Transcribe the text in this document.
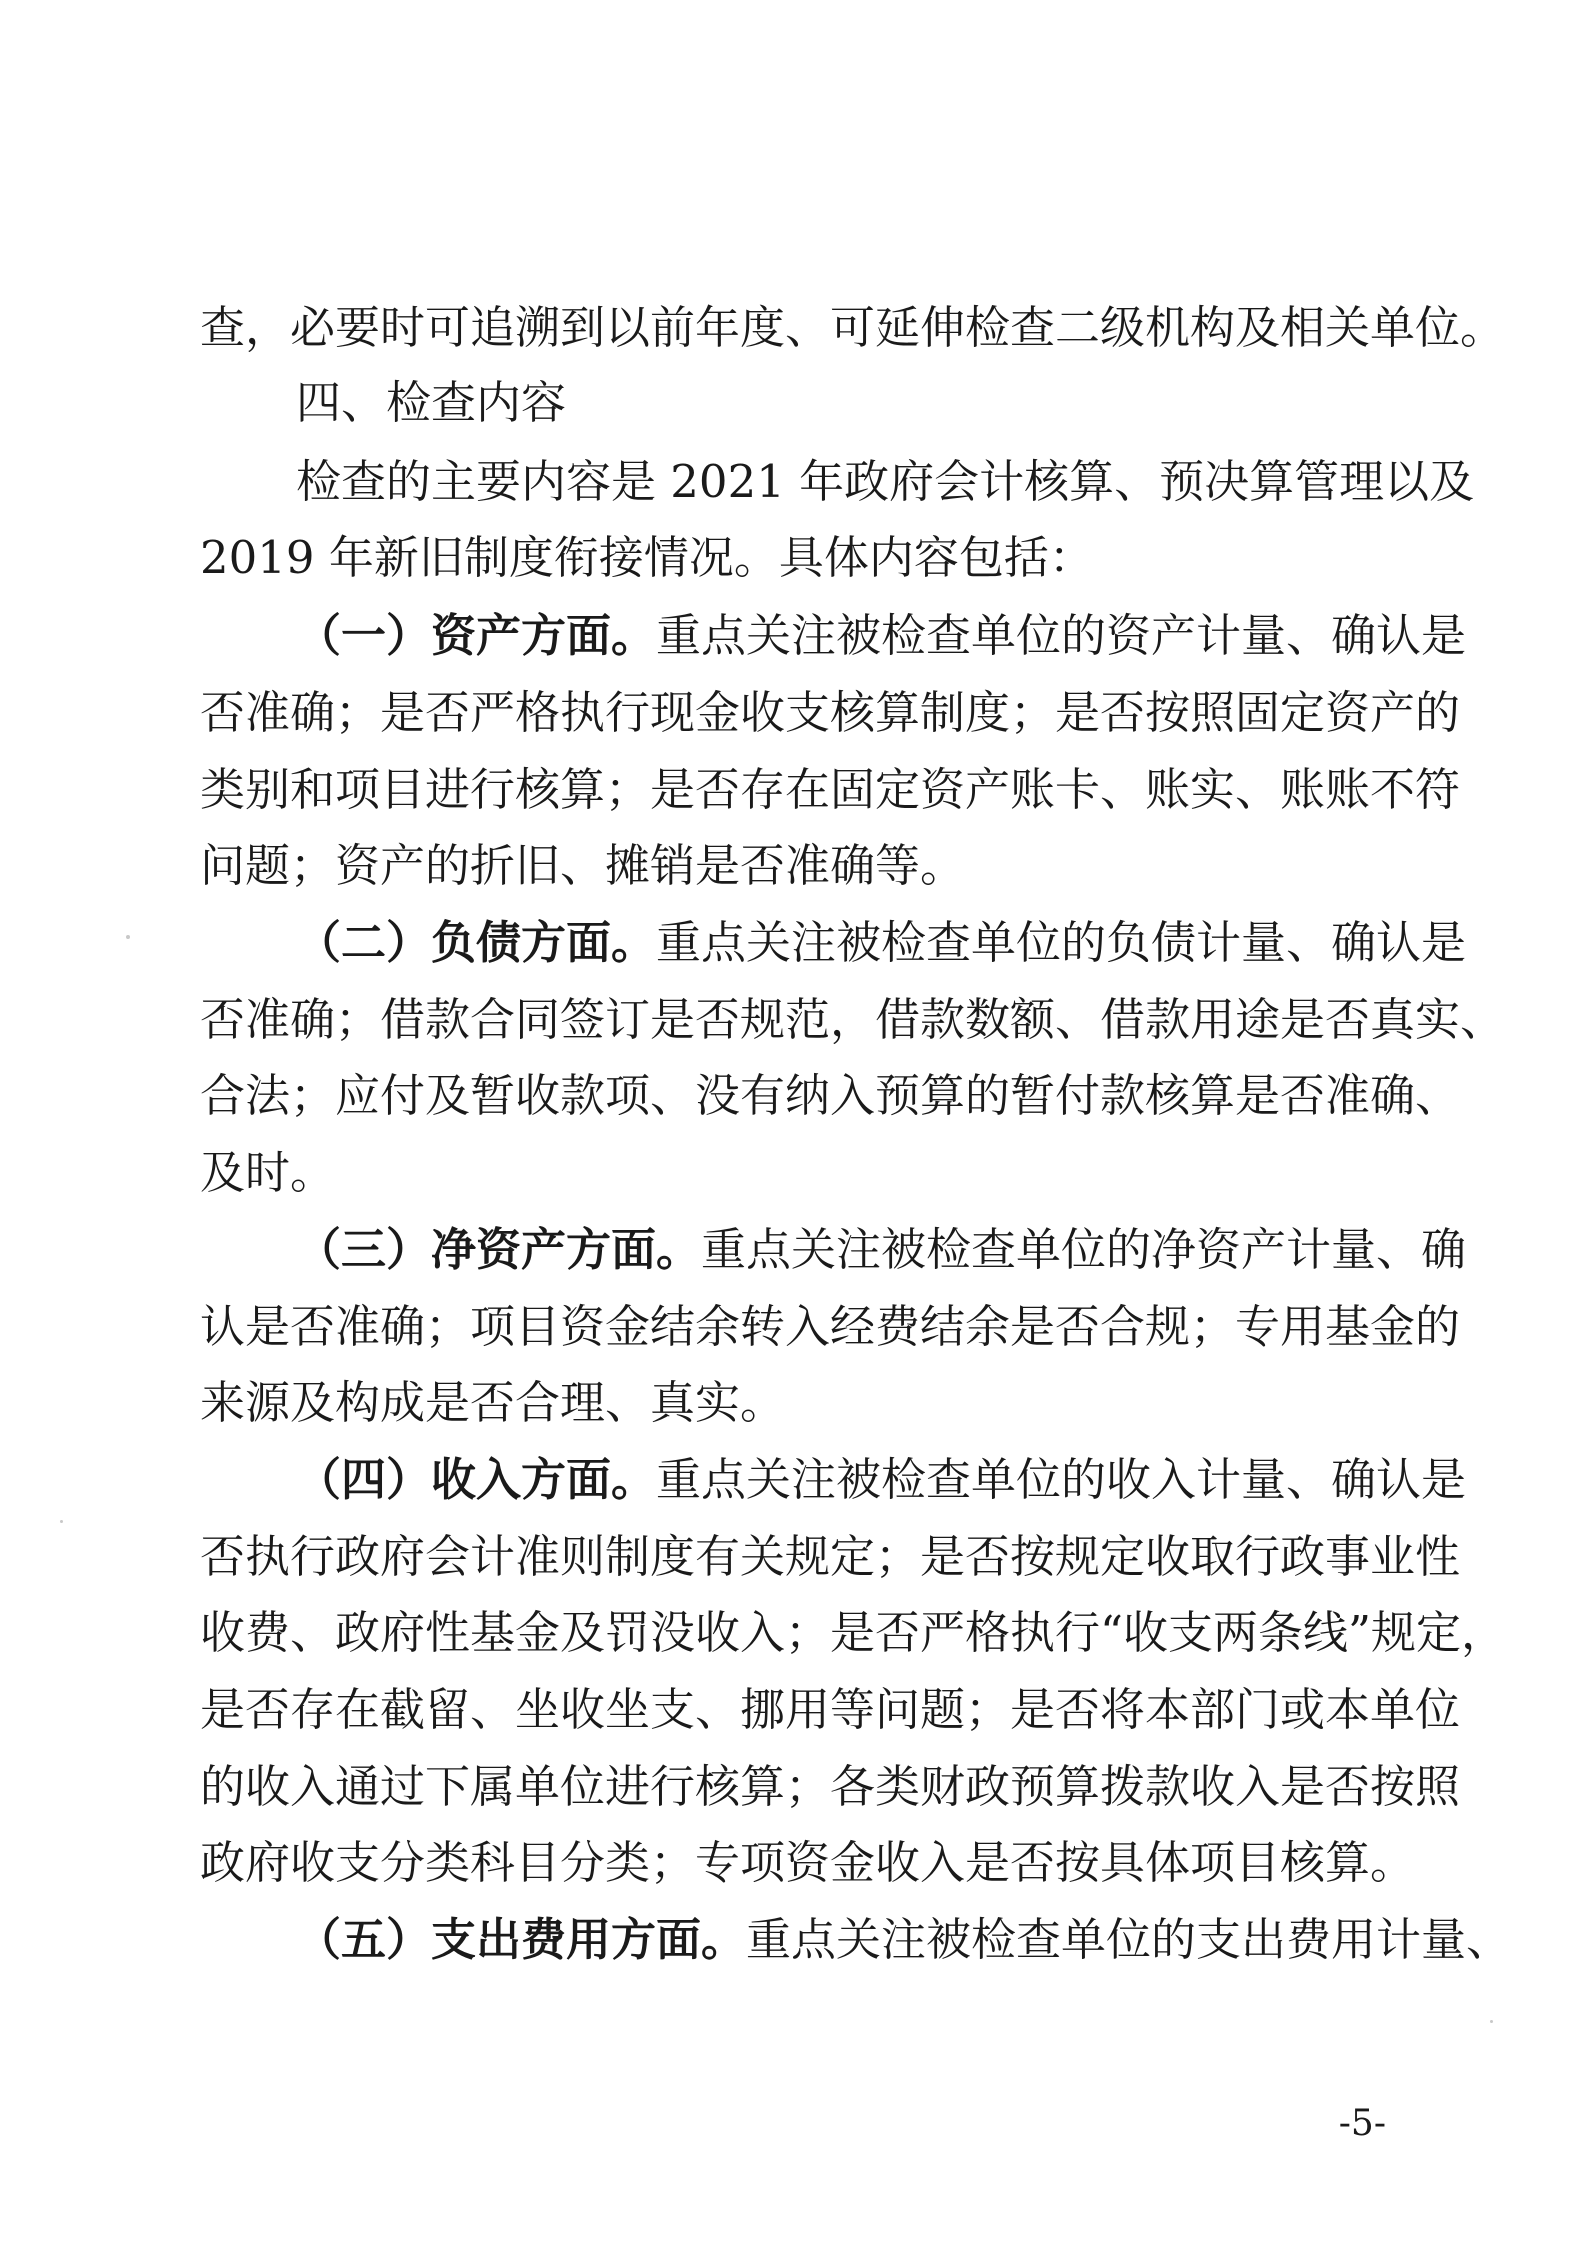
查，必要时可追溯到以前年度、可延伸检查二级机构及相关单位。
四、检查内容
检查的主要内容是 2021 年政府会计核算、预决算管理以及
2019 年新旧制度衔接情况。具体内容包括：
（一）资产方面。重点关注被检查单位的资产计量、确认是
否准确；是否严格执行现金收支核算制度；是否按照固定资产的
类别和项目进行核算；是否存在固定资产账卡、账实、账账不符
问题；资产的折旧、摊销是否准确等。
（二）负债方面。重点关注被检查单位的负债计量、确认是
否准确；借款合同签订是否规范，借款数额、借款用途是否真实、
合法；应付及暂收款项、没有纳入预算的暂付款核算是否准确、
及时。
（三）净资产方面。重点关注被检查单位的净资产计量、确
认是否准确；项目资金结余转入经费结余是否合规；专用基金的
来源及构成是否合理、真实。
（四）收入方面。重点关注被检查单位的收入计量、确认是
否执行政府会计准则制度有关规定；是否按规定收取行政事业性
收费、政府性基金及罚没收入；是否严格执行“收支两条线”规定，
是否存在截留、坐收坐支、挪用等问题；是否将本部门或本单位
的收入通过下属单位进行核算；各类财政预算拨款收入是否按照
政府收支分类科目分类；专项资金收入是否按具体项目核算。
（五）支出费用方面。重点关注被检查单位的支出费用计量、
-5-
